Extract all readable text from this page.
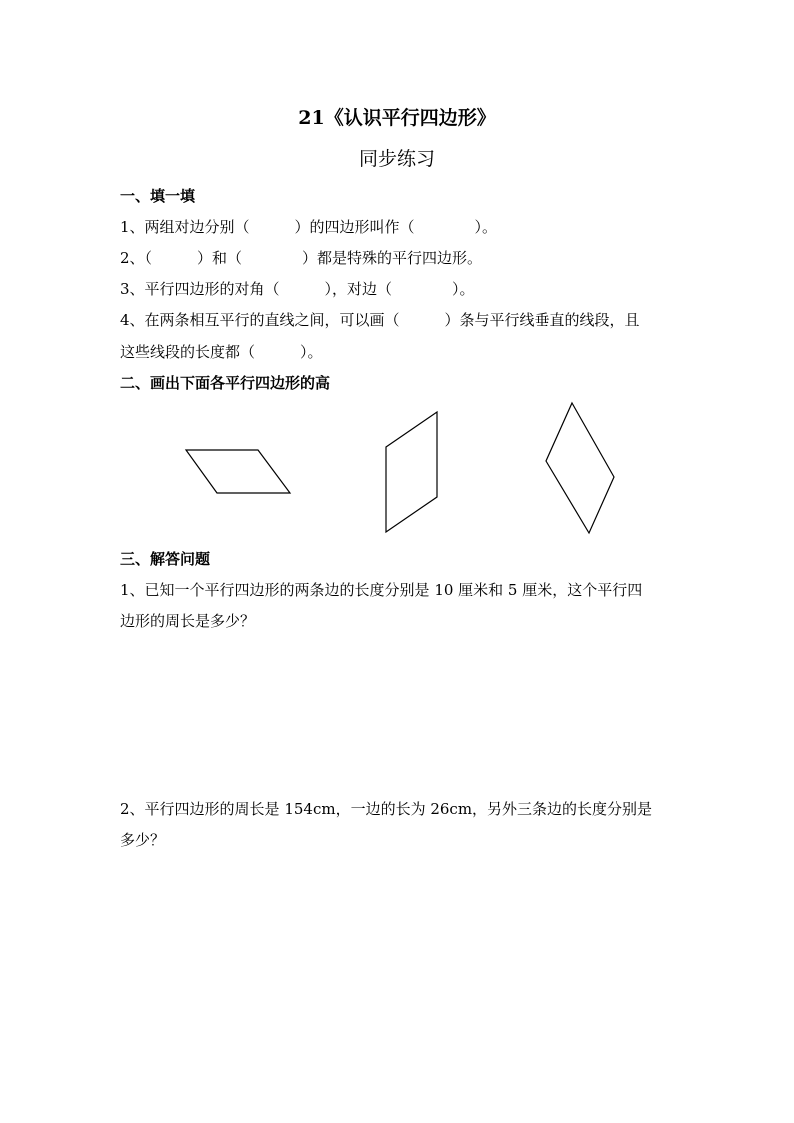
21《认识平行四边形》
同步练习
一、填一填
1、两组对边分别（　　　）的四边形叫作（　　　　）。
2、（　　　）和（　　　　）都是特殊的平行四边形。
3、平行四边形的对角（　　　），对边（　　　　）。
4、在两条相互平行的直线之间，可以画（　　　）条与平行线垂直的线段，且
这些线段的长度都（　　　）。
二、画出下面各平行四边形的高
三、解答问题
1、已知一个平行四边形的两条边的长度分别是 10 厘米和 5 厘米，这个平行四
边形的周长是多少？
2、平行四边形的周长是 154cm，一边的长为 26cm，另外三条边的长度分别是
多少？
